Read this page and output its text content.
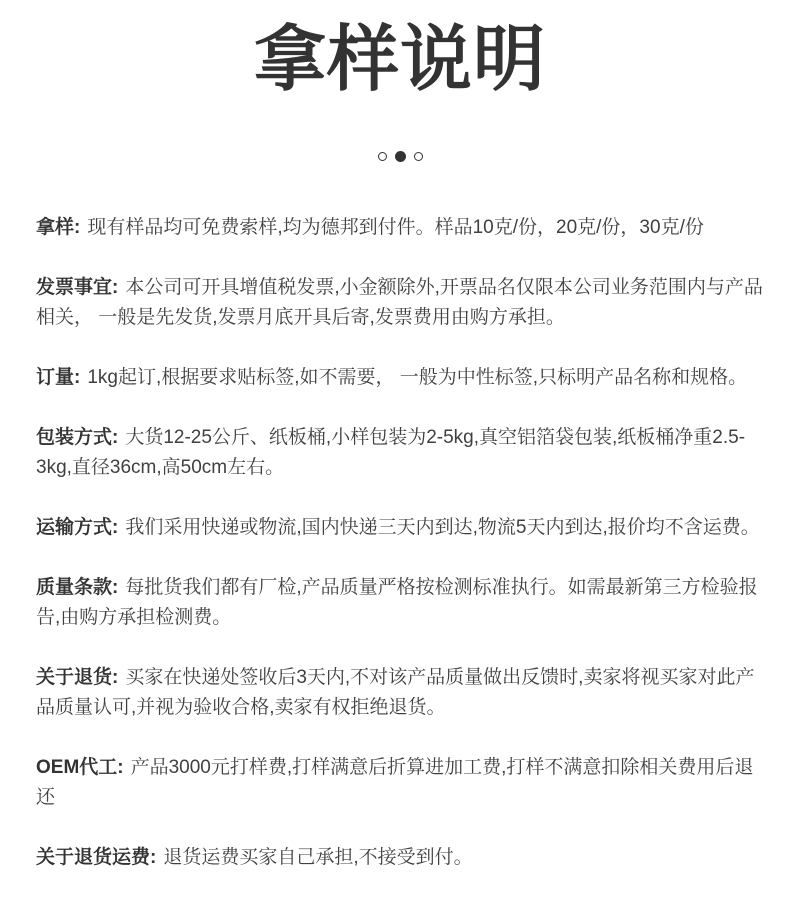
拿样说明

拿样: 现有样品均可免费索样,均为德邦到付件。样品10克/份，20克/份，30克/份

发票事宜: 本公司可开具增值税发票,小金额除外,开票品名仅限本公司业务范围内与产品相关， 一般是先发货,发票月底开具后寄,发票费用由购方承担。

订量: 1kg起订,根据要求贴标签,如不需要， 一般为中性标签,只标明产品名称和规格。

包装方式: 大货12-25公斤、纸板桶,小样包装为2-5kg,真空铝箔袋包装,纸板桶净重2.5-3kg,直径36cm,高50cm左右。

运输方式: 我们采用快递或物流,国内快递三天内到达,物流5天内到达,报价均不含运费。

质量条款: 每批货我们都有厂检,产品质量严格按检测标准执行。如需最新第三方检验报告,由购方承担检测费。

关于退货: 买家在快递处签收后3天内,不对该产品质量做出反馈时,卖家将视买家对此产品质量认可,并视为验收合格,卖家有权拒绝退货。

OEM代工: 产品3000元打样费,打样满意后折算进加工费,打样不满意扣除相关费用后退还

关于退货运费: 退货运费买家自己承担,不接受到付。
